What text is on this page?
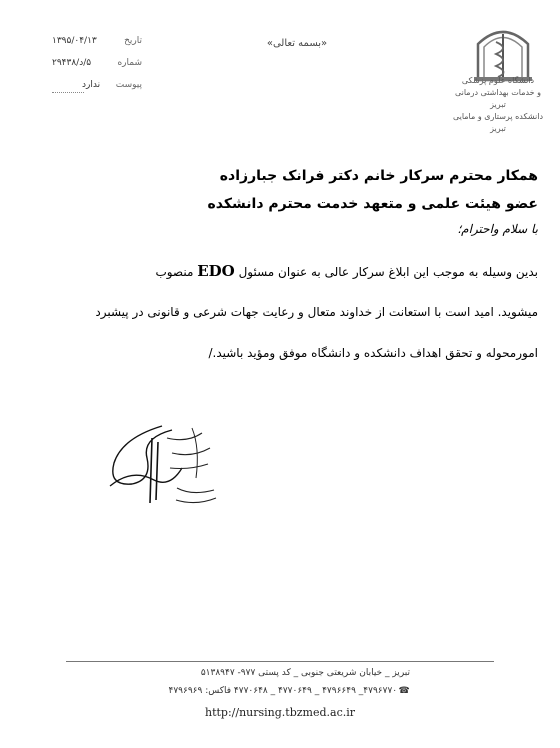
تاریخ
۱۳۹۵/۰۴/۱۳
شماره
۵/د/۲۹۴۳۸
پیوست
ندارد
«بسمه تعالی»
دانشگاه علوم پزشکی
و خدمات بهداشتی درمانی تبریز
دانشکده پرستاری و مامایی تبریز
همکار محترم سرکار خانم دکتر فرانک جبارزاده
عضو هیئت علمی و متعهد خدمت محترم دانشکده
با سلام واحترام؛
بدین وسیله به موجب این ابلاغ سرکار عالی به عنوان مسئول EDO منصوب
میشوید. امید است با استعانت از خداوند متعال و رعایت جهات شرعی و قانونی در پیشبرد
امورمحوله و تحقق اهداف دانشکده و دانشگاه موفق ومؤید باشید./
تبریز _ خیابان شریعتی جنوبی _ کد پستی ۹۷۷- ۵۱۳۸۹۴۷
☎ ۴۷۹۶۷۷۰_ ۴۷۹۶۶۴۹ _ ۴۷۷۰۶۴۹ _ ۴۷۷۰۶۴۸ فاکس: ۴۷۹۶۹۶۹
http://nursing.tbzmed.ac.ir
